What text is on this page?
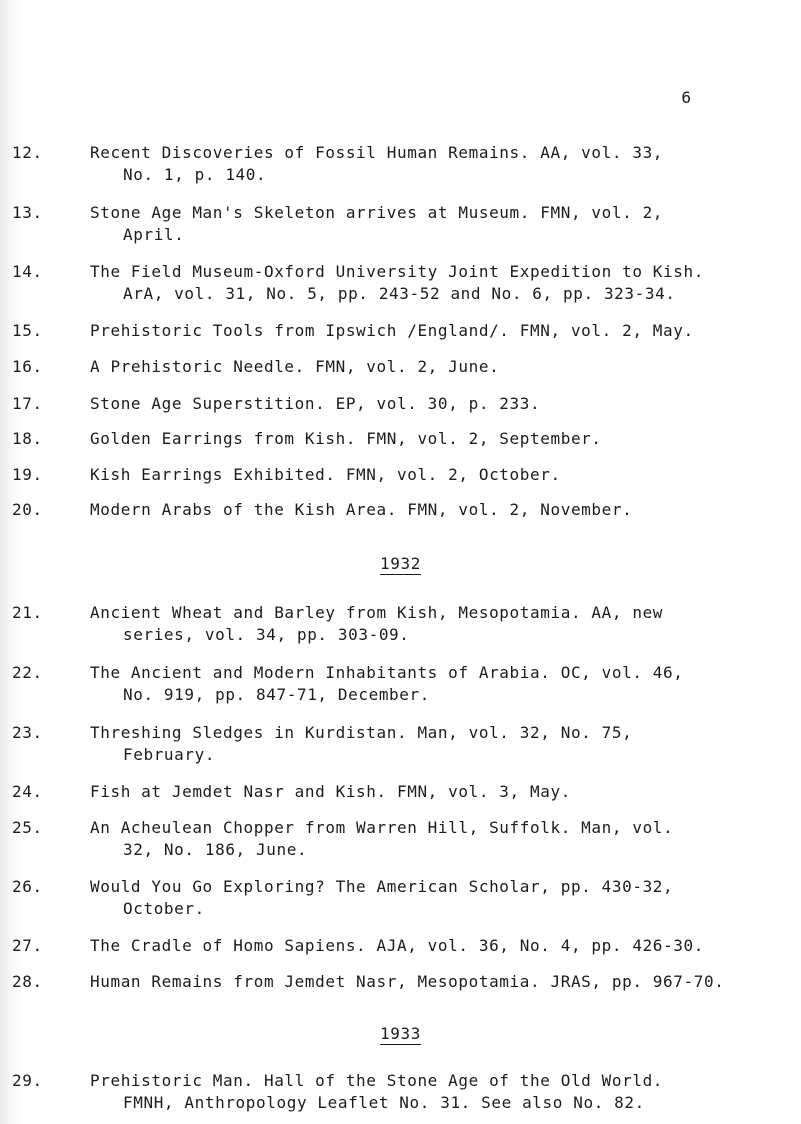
6
12.	Recent Discoveries of Fossil Human Remains. AA, vol. 33,
No. 1, p. 140.
13.	Stone Age Man's Skeleton arrives at Museum. FMN, vol. 2,
April.
14.	The Field Museum-Oxford University Joint Expedition to Kish.
ArA, vol. 31, No. 5, pp. 243-52 and No. 6, pp. 323-34.
15.	Prehistoric Tools from Ipswich /England/. FMN, vol. 2, May.
16.	A Prehistoric Needle. FMN, vol. 2, June.
17.	Stone Age Superstition. EP, vol. 30, p. 233.
18.	Golden Earrings from Kish. FMN, vol. 2, September.
19.	Kish Earrings Exhibited. FMN, vol. 2, October.
20.	Modern Arabs of the Kish Area. FMN, vol. 2, November.
1932
21.	Ancient Wheat and Barley from Kish, Mesopotamia. AA, new
series, vol. 34, pp. 303-09.
22.	The Ancient and Modern Inhabitants of Arabia. OC, vol. 46,
No. 919, pp. 847-71, December.
23.	Threshing Sledges in Kurdistan. Man, vol. 32, No. 75,
February.
24.	Fish at Jemdet Nasr and Kish. FMN, vol. 3, May.
25.	An Acheulean Chopper from Warren Hill, Suffolk. Man, vol.
32, No. 186, June.
26.	Would You Go Exploring? The American Scholar, pp. 430-32,
October.
27.	The Cradle of Homo Sapiens. AJA, vol. 36, No. 4, pp. 426-30.
28.	Human Remains from Jemdet Nasr, Mesopotamia. JRAS, pp. 967-70.
1933
29.	Prehistoric Man. Hall of the Stone Age of the Old World.
FMNH, Anthropology Leaflet No. 31. See also No. 82.
